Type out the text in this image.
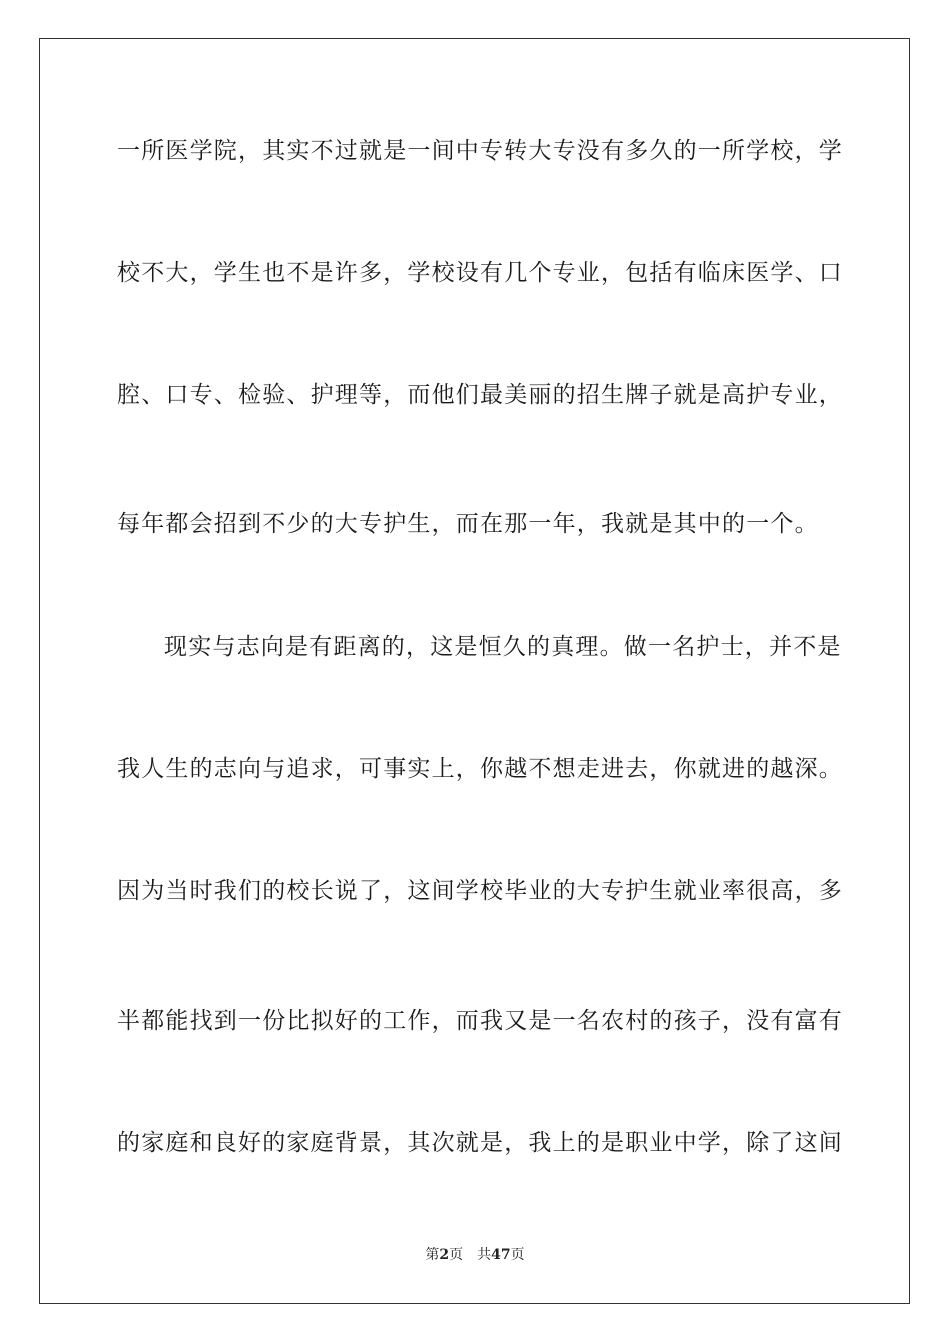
一所医学院，其实不过就是一间中专转大专没有多久的一所学校，学

校不大，学生也不是许多，学校设有几个专业，包括有临床医学、口

腔、口专、检验、护理等，而他们最美丽的招生牌子就是高护专业，

每年都会招到不少的大专护生，而在那一年，我就是其中的一个。

现实与志向是有距离的，这是恒久的真理。做一名护士，并不是

我人生的志向与追求，可事实上，你越不想走进去，你就进的越深。

因为当时我们的校长说了，这间学校毕业的大专护生就业率很高，多

半都能找到一份比拟好的工作，而我又是一名农村的孩子，没有富有

的家庭和良好的家庭背景，其次就是，我上的是职业中学，除了这间

第2页 共47页
